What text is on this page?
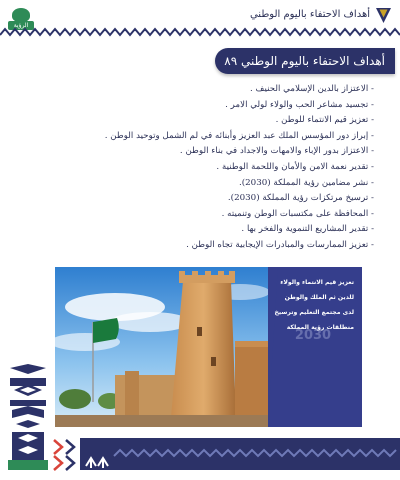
الرؤية
أهداف الاحتفاء باليوم الوطني
أهداف الاحتفاء باليوم الوطني ٨٩
- الاعتزاز بالدين الإسلامي الحنيف .
- تجسيد مشاعر الحب والولاء لولي الامر .
- تعزيز قيم الانتماء للوطن .
- إبراز دور المؤسس الملك عبد العزيز وأبنائه في لم الشمل وتوحيد الوطن .
- الاعتزاز بدور الإباء والامهات والاجداد في بناء الوطن .
- تقدير نعمة الامن والأمان واللحمة الوطنية .
- نشر مضامين رؤية المملكة (2030).
- ترسيخ مرتكزات رؤية المملكة (2030).
- المحافظة على مكتسبات الوطن وتنميته .
- تقدير المشاريع التنموية والفخر بها .
- تعزيز الممارسات والمبادرات الإيجابية تجاه الوطن .
2030
تعزيز قيم الانتماء والولاء للدين ثم الملك والوطن لدى مجتمع التعليم وترسيخ منطلقات رؤية المملكة
